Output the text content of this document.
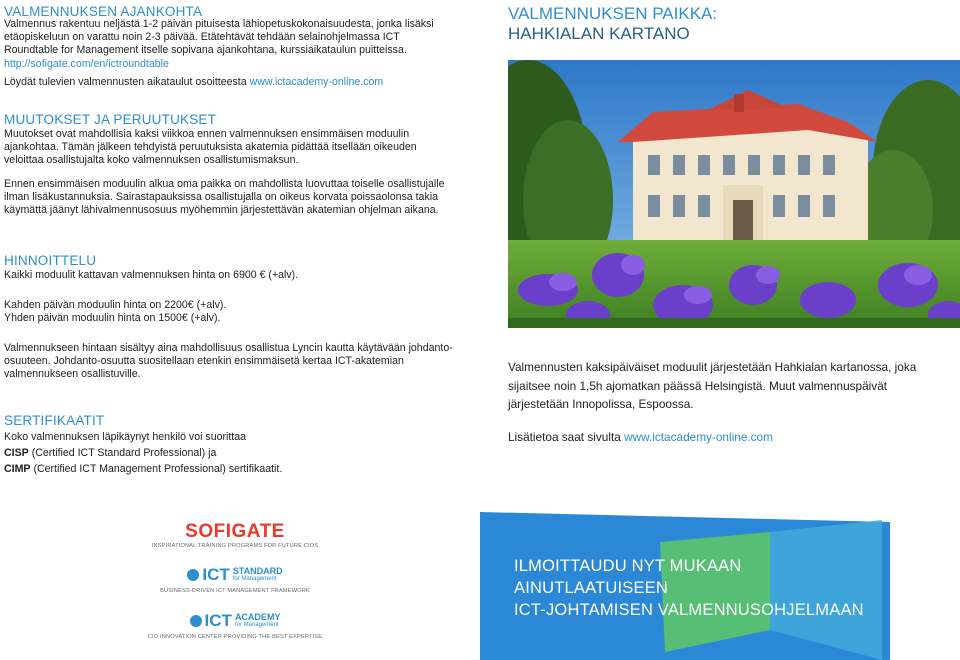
VALMENNUKSEN AJANKOHTA
Valmennus rakentuu neljästä 1-2 päivän pituisesta lähiopetuskokonaisuudesta, jonka lisäksi etäopiskeluun on varattu noin 2-3 päivää. Etätehtävät tehdään selainohjelmassa ICT Roundtable for Management itselle sopivana ajankohtana, kurssiaikataulun puitteissa. http://sofigate.com/en/ictroundtable
Löydät tulevien valmennusten aikataulut osoitteesta www.ictacademy-online.com
MUUTOKSET JA PERUUTUKSET
Muutokset ovat mahdollisia kaksi viikkoa ennen valmennuksen ensimmäisen moduulin ajankohtaa. Tämän jälkeen tehdyistä peruutuksista akatemia pidättää itsellään oikeuden veloittaa osallistujalta koko valmennuksen osallistumismaksun.
Ennen ensimmäisen moduulin alkua oma paikka on mahdollista luovuttaa toiselle osallistujalle ilman lisäkustannuksia. Sairastapauksissa osallistujalla on oikeus korvata poissaolonsa takia käymättä jäänyt lähivalmennusosuus myöhemmin järjestettävän akatemian ohjelman aikana.
HINNOITTELU
Kaikki moduulit kattavan valmennuksen hinta on 6900 € (+alv).
Kahden päivän moduulin hinta on 2200€ (+alv).
Yhden päivän moduulin hinta on 1500€ (+alv).
Valmennukseen hintaan sisältyy aina mahdollisuus osallistua Lyncin kautta käytävään johdanto-osuuteen. Johdanto-osuutta suositellaan etenkin ensimmäisetä kertaa ICT-akatemian valmennukseen osallistuville.
SERTIFIKAATIT
Koko valmennuksen läpikäynyt henkilö voi suorittaa
CISP (Certified ICT Standard Professional) ja
CIMP (Certified ICT Management Professional) sertifikaatit.
VALMENNUKSEN PAIKKA:
HAHKIALAN KARTANO
Valmennusten kaksipäiväiset moduulit järjestetään Hahkialan kartanossa, joka sijaitsee noin 1,5h ajomatkan päässä Helsingistä. Muut valmennuspäivät järjestetään Innopolissa, Espoossa.
Lisätietoa saat sivulta www.ictacademy-online.com
SOFIGATE
INSPIRATIONAL TRAINING PROGRAMS FOR FUTURE CIOS
ICT STANDARD
for Management
BUSINESS-DRIVEN ICT MANAGEMENT FRAMEWORK
ICT ACADEMY
for Management
CIO INNOVATION CENTER PROVIDING THE BEST EXPERTISE
ILMOITTAUDU NYT MUKAAN AINUTLAATUISEEN
ICT-JOHTAMISEN VALMENNUSOHJELMAAN
